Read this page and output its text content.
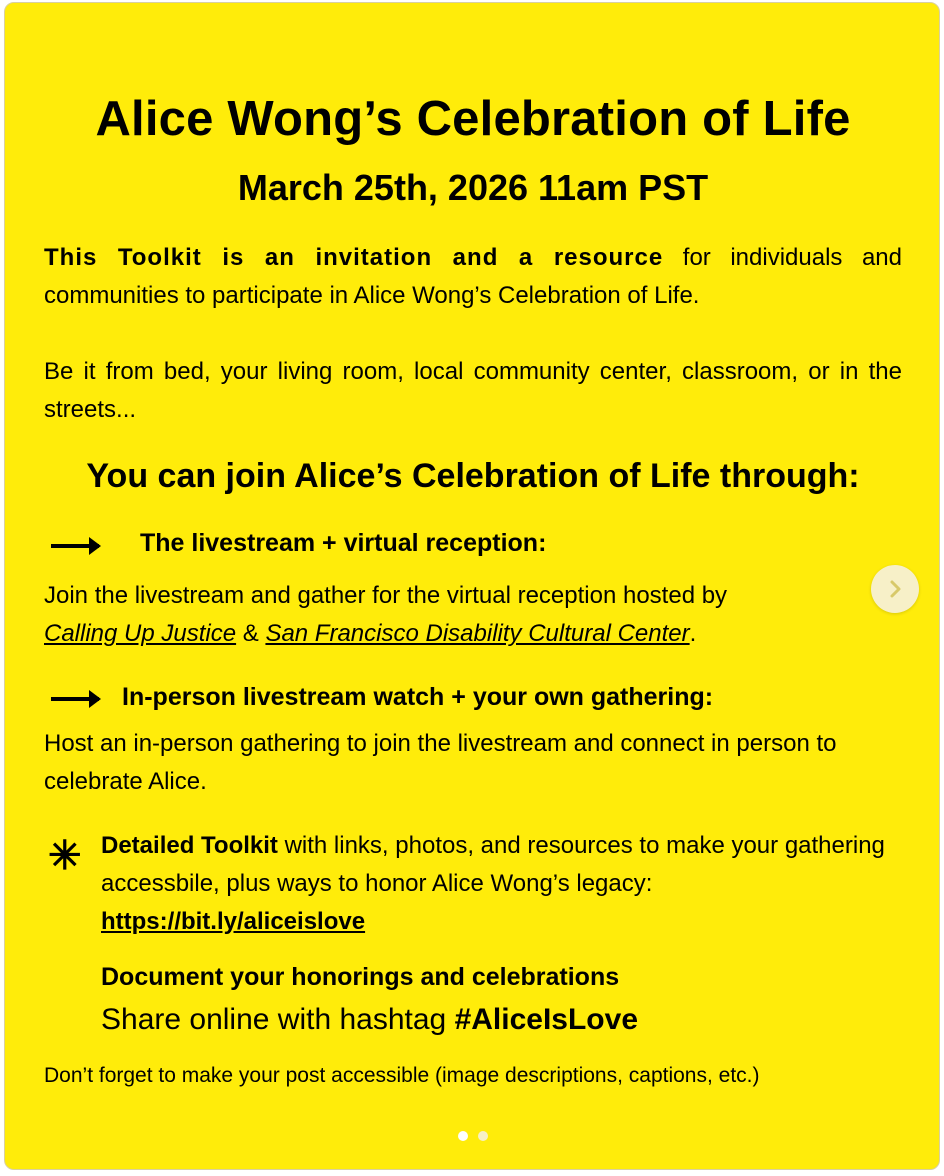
Alice Wong’s Celebration of Life
March 25th, 2026 11am PST
This Toolkit is an invitation and a resource for individuals and communities to participate in Alice Wong’s Celebration of Life.
Be it from bed, your living room, local community center, classroom, or in the streets...
You can join Alice’s Celebration of Life through:
The livestream + virtual reception:
Join the livestream and gather for the virtual reception hosted by
Calling Up Justice & San Francisco Disability Cultural Center.
In-person livestream watch + your own gathering:
Host an in-person gathering to join the livestream and connect in person to celebrate Alice.
✳ Detailed Toolkit with links, photos, and resources to make your gathering accessbile, plus ways to honor Alice Wong’s legacy:
https://bit.ly/aliceislove
Document your honorings and celebrations
Share online with hashtag #AliceIsLove
Don’t forget to make your post accessible (image descriptions, captions, etc.)
